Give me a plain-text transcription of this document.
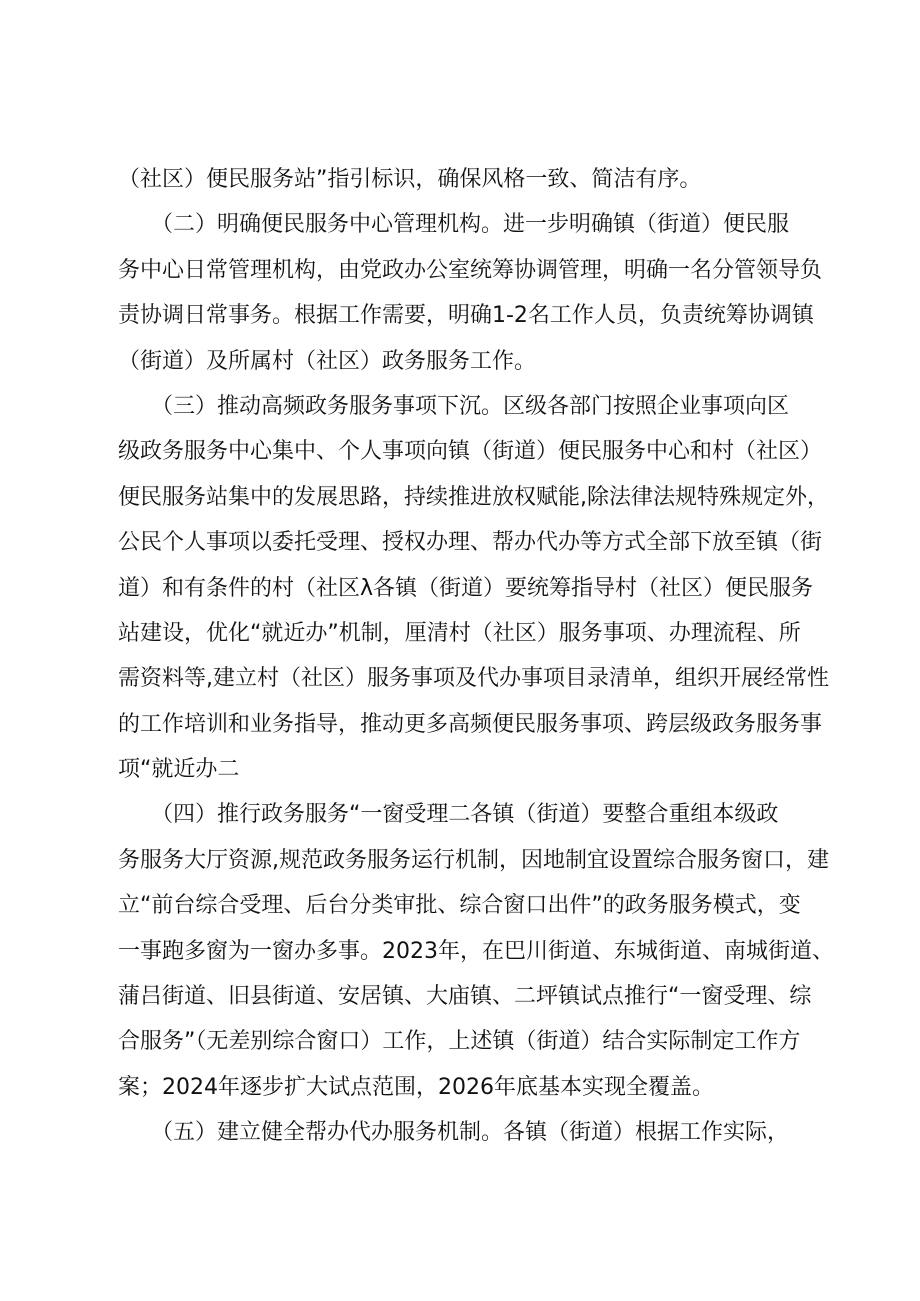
（社区）便民服务站”指引标识，确保风格一致、简洁有序。
　　（二）明确便民服务中心管理机构。进一步明确镇（街道）便民服
务中心日常管理机构，由党政办公室统筹协调管理，明确一名分管领导负
责协调日常事务。根据工作需要，明确1-2名工作人员，负责统筹协调镇
（街道）及所属村（社区）政务服务工作。
　　（三）推动高频政务服务事项下沉。区级各部门按照企业事项向区
级政务服务中心集中、个人事项向镇（街道）便民服务中心和村（社区）
便民服务站集中的发展思路，持续推进放权赋能,除法律法规特殊规定外，
公民个人事项以委托受理、授权办理、帮办代办等方式全部下放至镇（街
道）和有条件的村（社区λ各镇（街道）要统筹指导村（社区）便民服务
站建设，优化“就近办”机制，厘清村（社区）服务事项、办理流程、所
需资料等,建立村（社区）服务事项及代办事项目录清单，组织开展经常性
的工作培训和业务指导，推动更多高频便民服务事项、跨层级政务服务事
项“就近办二
　　（四）推行政务服务“一窗受理二各镇（街道）要整合重组本级政
务服务大厅资源,规范政务服务运行机制，因地制宜设置综合服务窗口，建
立“前台综合受理、后台分类审批、综合窗口出件”的政务服务模式，变
一事跑多窗为一窗办多事。2023年，在巴川街道、东城街道、南城街道、
蒲吕街道、旧县街道、安居镇、大庙镇、二坪镇试点推行“一窗受理、综
合服务”（无差别综合窗口）工作，上述镇（街道）结合实际制定工作方
案；2024年逐步扩大试点范围，2026年底基本实现全覆盖。
　　（五）建立健全帮办代办服务机制。各镇（街道）根据工作实际，
